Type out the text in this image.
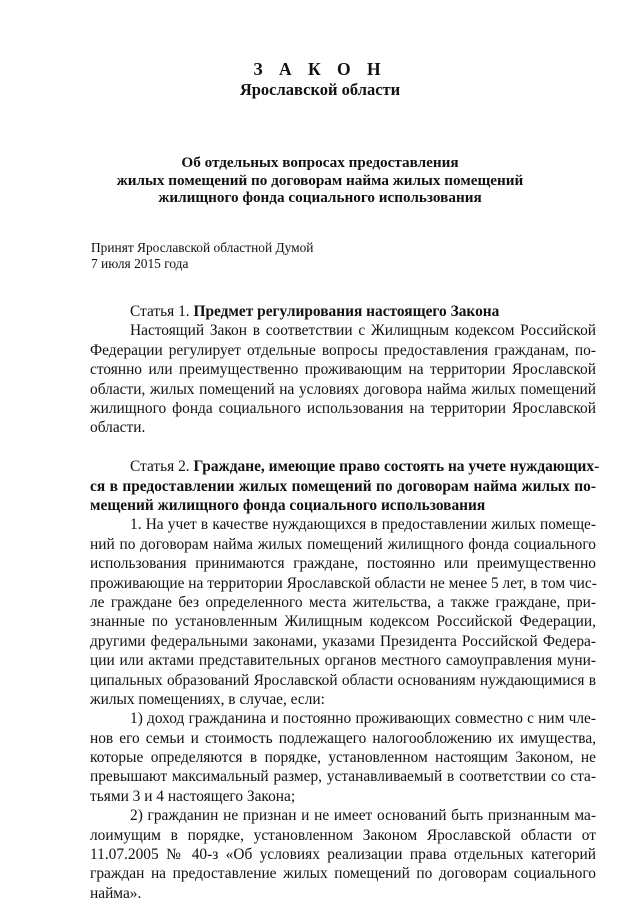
З А К О Н
Ярославской области
Об отдельных вопросах предоставления
жилых помещений по договорам найма жилых помещений
жилищного фонда социального использования
Принят Ярославской областной Думой
7 июля 2015 года
Статья 1. Предмет регулирования настоящего Закона
Настоящий Закон в соответствии с Жилищным кодексом Российской
Федерации регулирует отдельные вопросы предоставления гражданам, по-
стоянно или преимущественно проживающим на территории Ярославской
области, жилых помещений на условиях договора найма жилых помещений
жилищного фонда социального использования на территории Ярославской
области.
Статья 2. Граждане, имеющие право состоять на учете нуждающих-
ся в предоставлении жилых помещений по договорам найма жилых по-
мещений жилищного фонда социального использования
1. На учет в качестве нуждающихся в предоставлении жилых помеще-
ний по договорам найма жилых помещений жилищного фонда социального
использования принимаются граждане, постоянно или преимущественно
проживающие на территории Ярославской области не менее 5 лет, в том чис-
ле граждане без определенного места жительства, а также граждане, при-
знанные по установленным Жилищным кодексом Российской Федерации,
другими федеральными законами, указами Президента Российской Федера-
ции или актами представительных органов местного самоуправления муни-
ципальных образований Ярославской области основаниям нуждающимися в
жилых помещениях, в случае, если:
1) доход гражданина и постоянно проживающих совместно с ним чле-
нов его семьи и стоимость подлежащего налогообложению их имущества,
которые определяются в порядке, установленном настоящим Законом, не
превышают максимальный размер, устанавливаемый в соответствии со ста-
тьями 3 и 4 настоящего Закона;
2) гражданин не признан и не имеет оснований быть признанным ма-
лоимущим в порядке, установленном Законом Ярославской области от
11.07.2005 № 40-з «Об условиях реализации права отдельных категорий
граждан на предоставление жилых помещений по договорам социального
найма».
